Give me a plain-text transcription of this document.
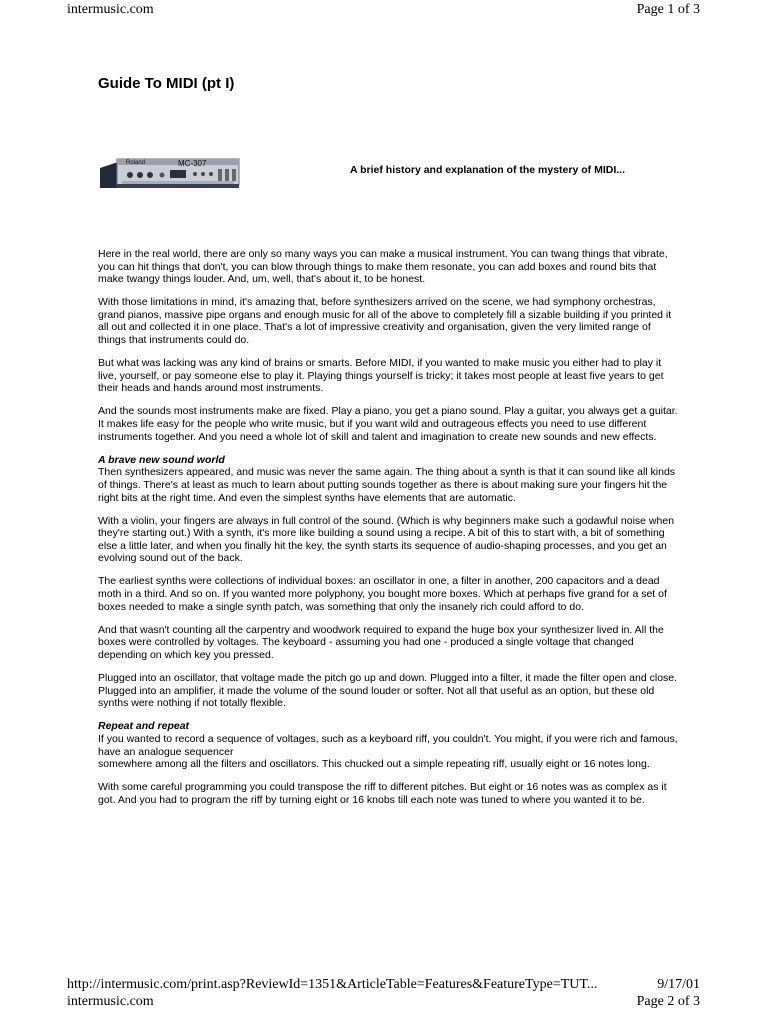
intermusic.com	Page 1 of 3
Guide To MIDI (pt I)
Roland	MC-307
A brief history and explanation of the mystery of MIDI...

Here in the real world, there are only so many ways you can make a musical instrument. You can twang things that vibrate, you can hit things that don't, you can blow through things to make them resonate, you can add boxes and round bits that make twangy things louder. And, um, well, that's about it, to be honest.

With those limitations in mind, it's amazing that, before synthesizers arrived on the scene, we had symphony orchestras, grand pianos, massive pipe organs and enough music for all of the above to completely fill a sizable building if you printed it all out and collected it in one place. That's a lot of impressive creativity and organisation, given the very limited range of things that instruments could do.

But what was lacking was any kind of brains or smarts. Before MIDI, if you wanted to make music you either had to play it live, yourself, or pay someone else to play it. Playing things yourself is tricky; it takes most people at least five years to get their heads and hands around most instruments.

And the sounds most instruments make are fixed. Play a piano, you get a piano sound. Play a guitar, you always get a guitar. It makes life easy for the people who write music, but if you want wild and outrageous effects you need to use different instruments together. And you need a whole lot of skill and talent and imagination to create new sounds and new effects.

A brave new sound world

Then synthesizers appeared, and music was never the same again. The thing about a synth is that it can sound like all kinds of things. There's at least as much to learn about putting sounds together as there is about making sure your fingers hit the right bits at the right time. And even the simplest synths have elements that are automatic.

With a violin, your fingers are always in full control of the sound. (Which is why beginners make such a godawful noise when they're starting out.) With a synth, it's more like building a sound using a recipe. A bit of this to start with, a bit of something else a little later, and when you finally hit the key, the synth starts its sequence of audio-shaping processes, and you get an evolving sound out of the back.

The earliest synths were collections of individual boxes: an oscillator in one, a filter in another, 200 capacitors and a dead moth in a third. And so on. If you wanted more polyphony, you bought more boxes. Which at perhaps five grand for a set of boxes needed to make a single synth patch, was something that only the insanely rich could afford to do.

And that wasn't counting all the carpentry and woodwork required to expand the huge box your synthesizer lived in. All the boxes were controlled by voltages. The keyboard - assuming you had one - produced a single voltage that changed depending on which key you pressed.

Plugged into an oscillator, that voltage made the pitch go up and down. Plugged into a filter, it made the filter open and close. Plugged into an amplifier, it made the volume of the sound louder or softer. Not all that useful as an option, but these old synths were nothing if not totally flexible.

Repeat and repeat

If you wanted to record a sequence of voltages, such as a keyboard riff, you couldn't. You might, if you were rich and famous, have an analogue sequencer

somewhere among all the filters and oscillators. This chucked out a simple repeating riff, usually eight or 16 notes long.

With some careful programming you could transpose the riff to different pitches. But eight or 16 notes was as complex as it got. And you had to program the riff by turning eight or 16 knobs till each note was tuned to where you wanted it to be.

http://intermusic.com/print.asp?ReviewId=1351&ArticleTable=Features&FeatureType=TUT...	9/17/01
intermusic.com	Page 2 of 3
